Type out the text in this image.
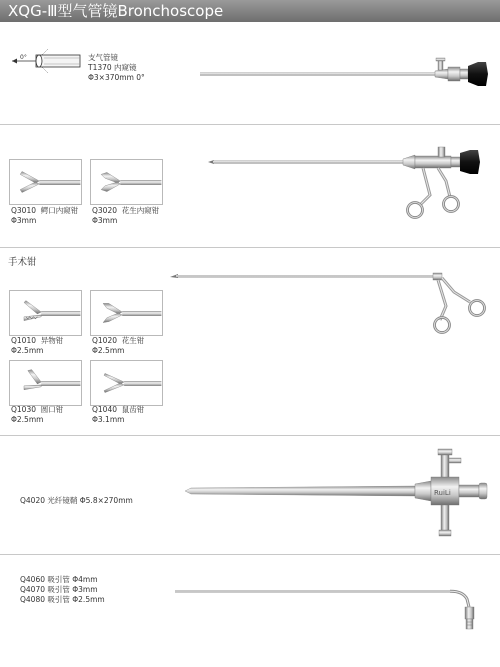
XQG-Ⅲ型气管镜Bronchoscope
0°	支气管镜
T1370 内窥镜
Φ3×370mm 0°
Q3010 鳄口内窥钳
Φ3mm
Q3020 花生内窥钳
Φ3mm
手术钳
Q1010 异物钳
Φ2.5mm
Q1020 花生钳
Φ2.5mm
Q1030 圆口钳
Φ2.5mm
Q1040 鼠齿钳
Φ3.1mm
Q4020 光纤镜鞘 Φ5.8×270mm
RuiLi
Q4060 吸引管 Φ4mm
Q4070 吸引管 Φ3mm
Q4080 吸引管 Φ2.5mm
